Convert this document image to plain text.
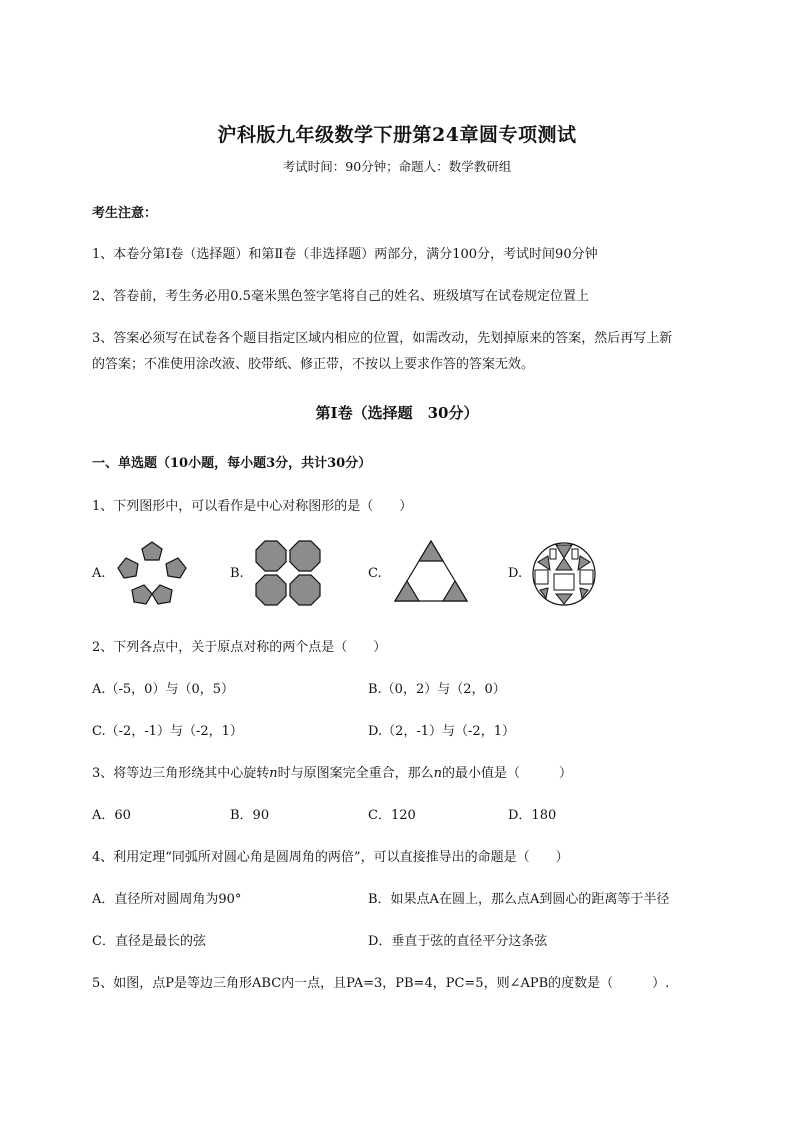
沪科版九年级数学下册第24章圆专项测试
考试时间：90分钟；命题人：数学教研组
考生注意：
1、本卷分第I卷（选择题）和第Ⅱ卷（非选择题）两部分，满分100分，考试时间90分钟
2、答卷前，考生务必用0.5毫米黑色签字笔将自己的姓名、班级填写在试卷规定位置上
3、答案必须写在试卷各个题目指定区域内相应的位置，如需改动，先划掉原来的答案，然后再写上新
的答案；不准使用涂改液、胶带纸、修正带，不按以上要求作答的答案无效。
第I卷（选择题　30分）
一、单选题（10小题，每小题3分，共计30分）
1、下列图形中，可以看作是中心对称图形的是（　　）
A.	B.	C.	D.
2、下列各点中，关于原点对称的两个点是（　　）
A.（-5，0）与（0，5）	B.（0，2）与（2，0）
C.（-2，-1）与（-2，1）	D.（2，-1）与（-2，1）
3、将等边三角形绕其中心旋转n时与原图案完全重合，那么n的最小值是（　　　）
A．60	B．90	C．120	D．180
4、利用定理“同弧所对圆心角是圆周角的两倍”，可以直接推导出的命题是（　　）
A．直径所对圆周角为90°	B．如果点A在圆上，那么点A到圆心的距离等于半径
C．直径是最长的弦	D．垂直于弦的直径平分这条弦
5、如图，点P是等边三角形ABC内一点，且PA=3，PB=4，PC=5，则∠APB的度数是（　　　）.
